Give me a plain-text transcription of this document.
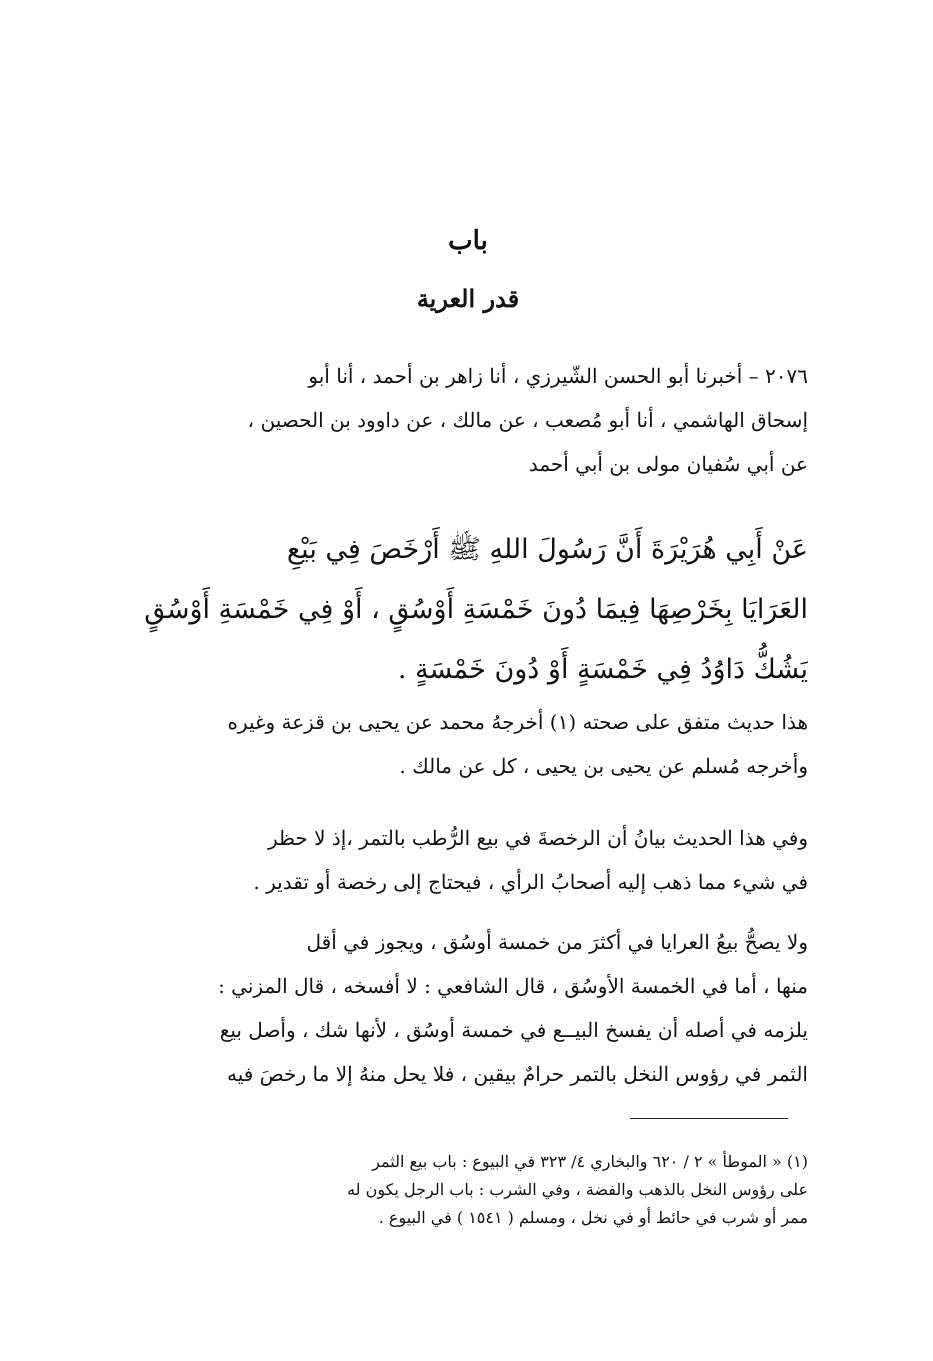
باب
قدر العرية
٢٠٧٦ – أخبرنا أبو الحسن الشّيرزي ، أنا زاهر بن أحمد ، أنا أبو
إسحاق الهاشمي ، أنا أبو مُصعب ، عن مالك ، عن داوود بن الحصين ،
عن أبي سُفيان مولى بن أبي أحمد
عَنْ أَبِي هُرَيْرَةَ أَنَّ رَسُولَ اللهِ ﷺ أَرْخَصَ فِي بَيْعِ
العَرَايَا بِخَرْصِهَا فِيمَا دُونَ خَمْسَةِ أَوْسُقٍ ، أَوْ فِي خَمْسَةِ أَوْسُقٍ
يَشُكُّ دَاوُدُ فِي خَمْسَةٍ أَوْ دُونَ خَمْسَةٍ .
هذا حديث متفق على صحته (١) أخرجهُ محمد عن يحيى بن قزعة وغيره
وأخرجه مُسلم عن يحيى بن يحيى ، كل عن مالك .
وفي هذا الحديث بيانُ أن الرخصةَ في بيع الرُّطب بالتمر ،إذ لا حظر
في شيء مما ذهب إليه أصحابُ الرأي ، فيحتاج إلى رخصة أو تقدير .
ولا يصحُّ بيعُ العرايا في أكثرَ من خمسة أوسُق ، ويجوز في أقل
منها ، أما في الخمسة الأوسُق ، قال الشافعي : لا أفسخه ، قال المزني :
يلزمه في أصله أن يفسخ البيــع في خمسة أوسُق ، لأنها شك ، وأصل بيع
الثمر في رؤوس النخل بالتمر حرامٌ بيقين ، فلا يحل منهُ إلا ما رخصَ فيه
(١) « الموطأ » ٢ / ٦٢٠ والبخاري ٤/ ٣٢٣ في البيوع : باب بيع الثمر
على رؤوس النخل بالذهب والفضة ، وفي الشرب : باب الرجل يكون له
ممر أو شرب في حائط أو في نخل ، ومسلم ( ١٥٤١ ) في البيوع .
